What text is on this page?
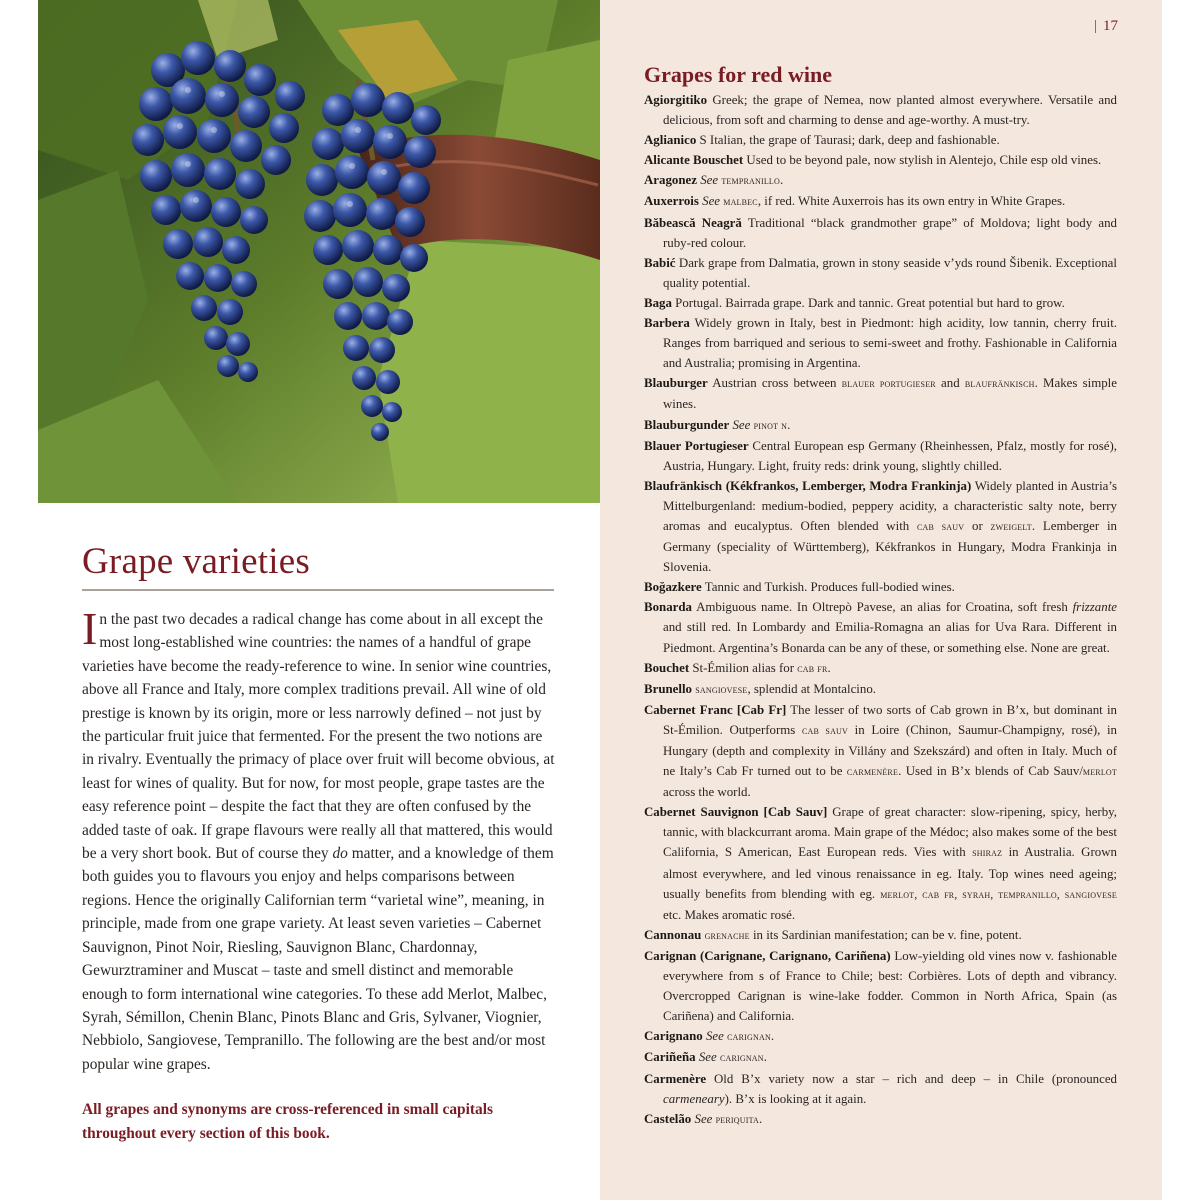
Grape varieties
In the past two decades a radical change has come about in all except the most long-established wine countries: the names of a handful of grape varieties have become the ready-reference to wine. In senior wine countries, above all France and Italy, more complex traditions prevail. All wine of old prestige is known by its origin, more or less narrowly defined – not just by the particular fruit juice that fermented. For the present the two notions are in rivalry. Eventually the primacy of place over fruit will become obvious, at least for wines of quality. But for now, for most people, grape tastes are the easy reference point – despite the fact that they are often confused by the added taste of oak. If grape flavours were really all that mattered, this would be a very short book. But of course they do matter, and a knowledge of them both guides you to flavours you enjoy and helps comparisons between regions. Hence the originally Californian term “varietal wine”, meaning, in principle, made from one grape variety. At least seven varieties – Cabernet Sauvignon, Pinot Noir, Riesling, Sauvignon Blanc, Chardonnay, Gewurztraminer and Muscat – taste and smell distinct and memorable enough to form international wine categories. To these add Merlot, Malbec, Syrah, Sémillon, Chenin Blanc, Pinots Blanc and Gris, Sylvaner, Viognier, Nebbiolo, Sangiovese, Tempranillo. The following are the best and/or most popular wine grapes.
All grapes and synonyms are cross-referenced in small capitals throughout every section of this book.
| 17
Grapes for red wine
Agiorgitiko Greek; the grape of Nemea, now planted almost everywhere. Versatile and delicious, from soft and charming to dense and age-worthy. A must-try.
Aglianico S Italian, the grape of Taurasi; dark, deep and fashionable.
Alicante Bouschet Used to be beyond pale, now stylish in Alentejo, Chile esp old vines.
Aragonez See tempranillo.
Auxerrois See malbec, if red. White Auxerrois has its own entry in White Grapes.
Băbească Neagră Traditional “black grandmother grape” of Moldova; light body and ruby-red colour.
Babić Dark grape from Dalmatia, grown in stony seaside v’yds round Šibenik. Exceptional quality potential.
Baga Portugal. Bairrada grape. Dark and tannic. Great potential but hard to grow.
Barbera Widely grown in Italy, best in Piedmont: high acidity, low tannin, cherry fruit. Ranges from barriqued and serious to semi-sweet and frothy. Fashionable in California and Australia; promising in Argentina.
Blauburger Austrian cross between blauer portugieser and blaufränkisch. Makes simple wines.
Blauburgunder See pinot n.
Blauer Portugieser Central European esp Germany (Rheinhessen, Pfalz, mostly for rosé), Austria, Hungary. Light, fruity reds: drink young, slightly chilled.
Blaufränkisch (Kékfrankos, Lemberger, Modra Frankinja) Widely planted in Austria’s Mittelburgenland: medium-bodied, peppery acidity, a characteristic salty note, berry aromas and eucalyptus. Often blended with cab sauv or zweigelt. Lemberger in Germany (speciality of Württemberg), Kékfrankos in Hungary, Modra Frankinja in Slovenia.
Boğazkere Tannic and Turkish. Produces full-bodied wines.
Bonarda Ambiguous name. In Oltrepò Pavese, an alias for Croatina, soft fresh frizzante and still red. In Lombardy and Emilia-Romagna an alias for Uva Rara. Different in Piedmont. Argentina’s Bonarda can be any of these, or something else. None are great.
Bouchet St-Émilion alias for cab fr.
Brunello sangiovese, splendid at Montalcino.
Cabernet Franc [Cab Fr] The lesser of two sorts of Cab grown in B’x, but dominant in St-Émilion. Outperforms cab sauv in Loire (Chinon, Saumur-Champigny, rosé), in Hungary (depth and complexity in Villány and Szekszárd) and often in Italy. Much of ne Italy’s Cab Fr turned out to be carmenère. Used in B’x blends of Cab Sauv/merlot across the world.
Cabernet Sauvignon [Cab Sauv] Grape of great character: slow-ripening, spicy, herby, tannic, with blackcurrant aroma. Main grape of the Médoc; also makes some of the best California, S American, East European reds. Vies with shiraz in Australia. Grown almost everywhere, and led vinous renaissance in eg. Italy. Top wines need ageing; usually benefits from blending with eg. merlot, cab fr, syrah, tempranillo, sangiovese etc. Makes aromatic rosé.
Cannonau grenache in its Sardinian manifestation; can be v. fine, potent.
Carignan (Carignane, Carignano, Cariñena) Low-yielding old vines now v. fashionable everywhere from s of France to Chile; best: Corbières. Lots of depth and vibrancy. Overcropped Carignan is wine-lake fodder. Common in North Africa, Spain (as Cariñena) and California.
Carignano See carignan.
Cariñeña See carignan.
Carmenère Old B’x variety now a star – rich and deep – in Chile (pronounced carmeneary). B’x is looking at it again.
Castelão See periquita.
